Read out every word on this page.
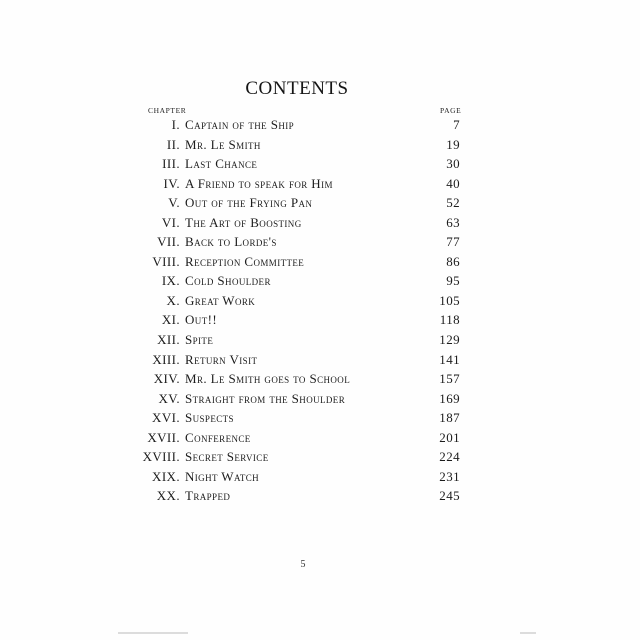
CONTENTS
CHAPTER	PAGE
I. Captain of the Ship	7
II. Mr. Le Smith	19
III. Last Chance	30
IV. A Friend to speak for Him	40
V. Out of the Frying Pan	52
VI. The Art of Boosting	63
VII. Back to Lorde's	77
VIII. Reception Committee	86
IX. Cold Shoulder	95
X. Great Work	105
XI. Out!!	118
XII. Spite	129
XIII. Return Visit	141
XIV. Mr. Le Smith goes to School	157
XV. Straight from the Shoulder	169
XVI. Suspects	187
XVII. Conference	201
XVIII. Secret Service	224
XIX. Night Watch	231
XX. Trapped	245
5
